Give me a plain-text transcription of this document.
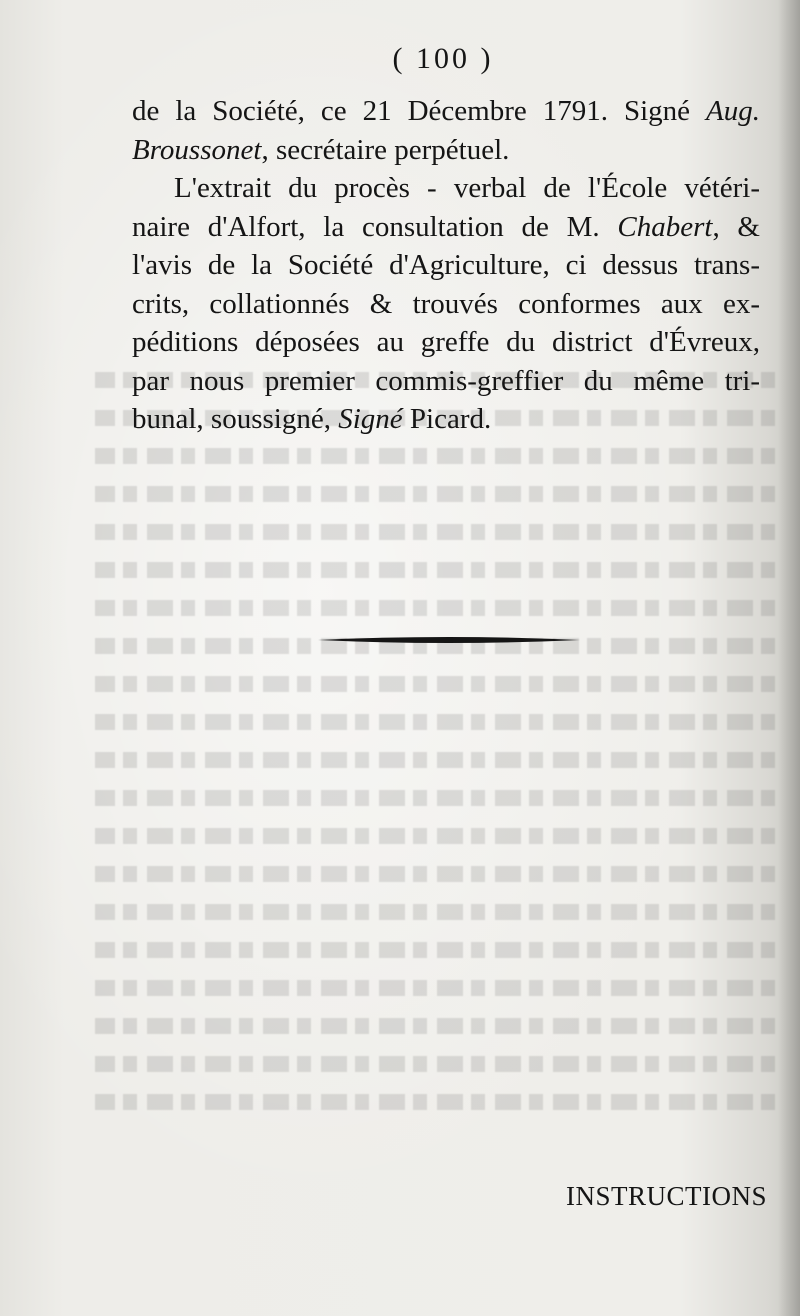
( 100 )
de la Société, ce 21 Décembre 1791. Signé Aug.
Broussonet, secrétaire perpétuel.
L'extrait du procès - verbal de l'École vétéri-
naire d'Alfort, la consultation de M. Chabert, &
l'avis de la Société d'Agriculture, ci dessus trans-
crits, collationnés & trouvés conformes aux ex-
péditions déposées au greffe du district d'Évreux,
par nous premier commis-greffier du même tri-
bunal, soussigné, Signé Picard.
INSTRUCTIONS
